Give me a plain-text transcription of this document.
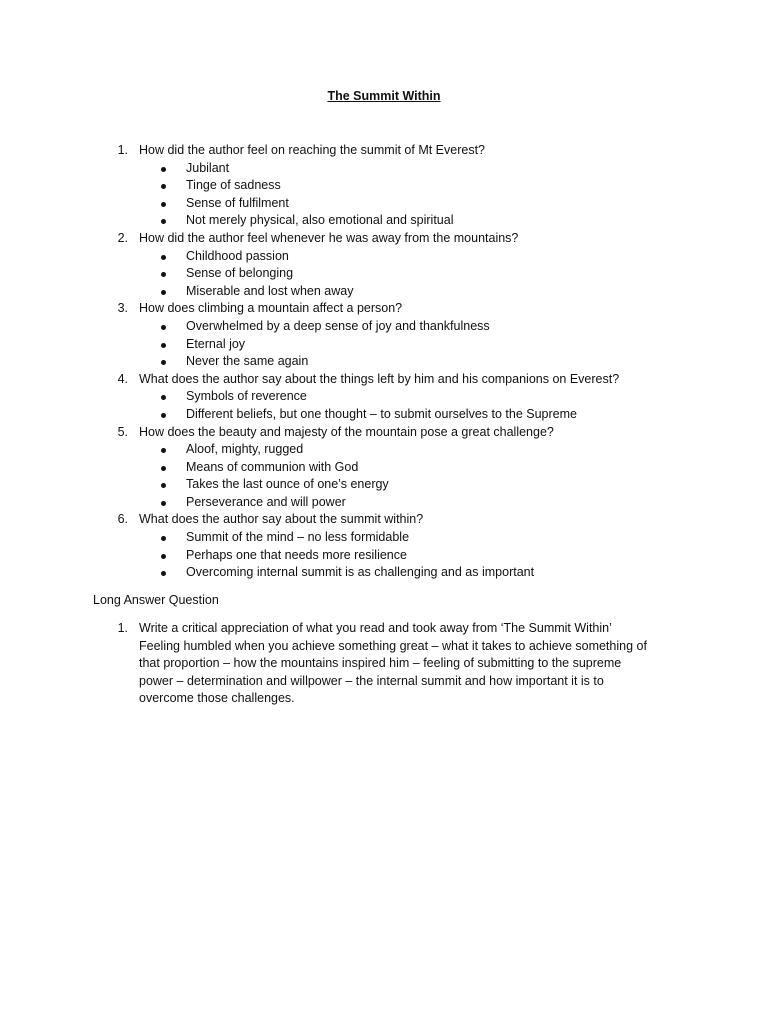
The Summit Within
1. How did the author feel on reaching the summit of Mt Everest?
Jubilant
Tinge of sadness
Sense of fulfilment
Not merely physical, also emotional and spiritual
2. How did the author feel whenever he was away from the mountains?
Childhood passion
Sense of belonging
Miserable and lost when away
3. How does climbing a mountain affect a person?
Overwhelmed by a deep sense of joy and thankfulness
Eternal joy
Never the same again
4. What does the author say about the things left by him and his companions on Everest?
Symbols of reverence
Different beliefs, but one thought – to submit ourselves to the Supreme
5. How does the beauty and majesty of the mountain pose a great challenge?
Aloof, mighty, rugged
Means of communion with God
Takes the last ounce of one’s energy
Perseverance and will power
6. What does the author say about the summit within?
Summit of the mind – no less formidable
Perhaps one that needs more resilience
Overcoming internal summit is as challenging and as important
Long Answer Question
1. Write a critical appreciation of what you read and took away from ‘The Summit Within’
Feeling humbled when you achieve something great – what it takes to achieve something of
that proportion – how the mountains inspired him – feeling of submitting to the supreme
power – determination and willpower – the internal summit and how important it is to
overcome those challenges.
